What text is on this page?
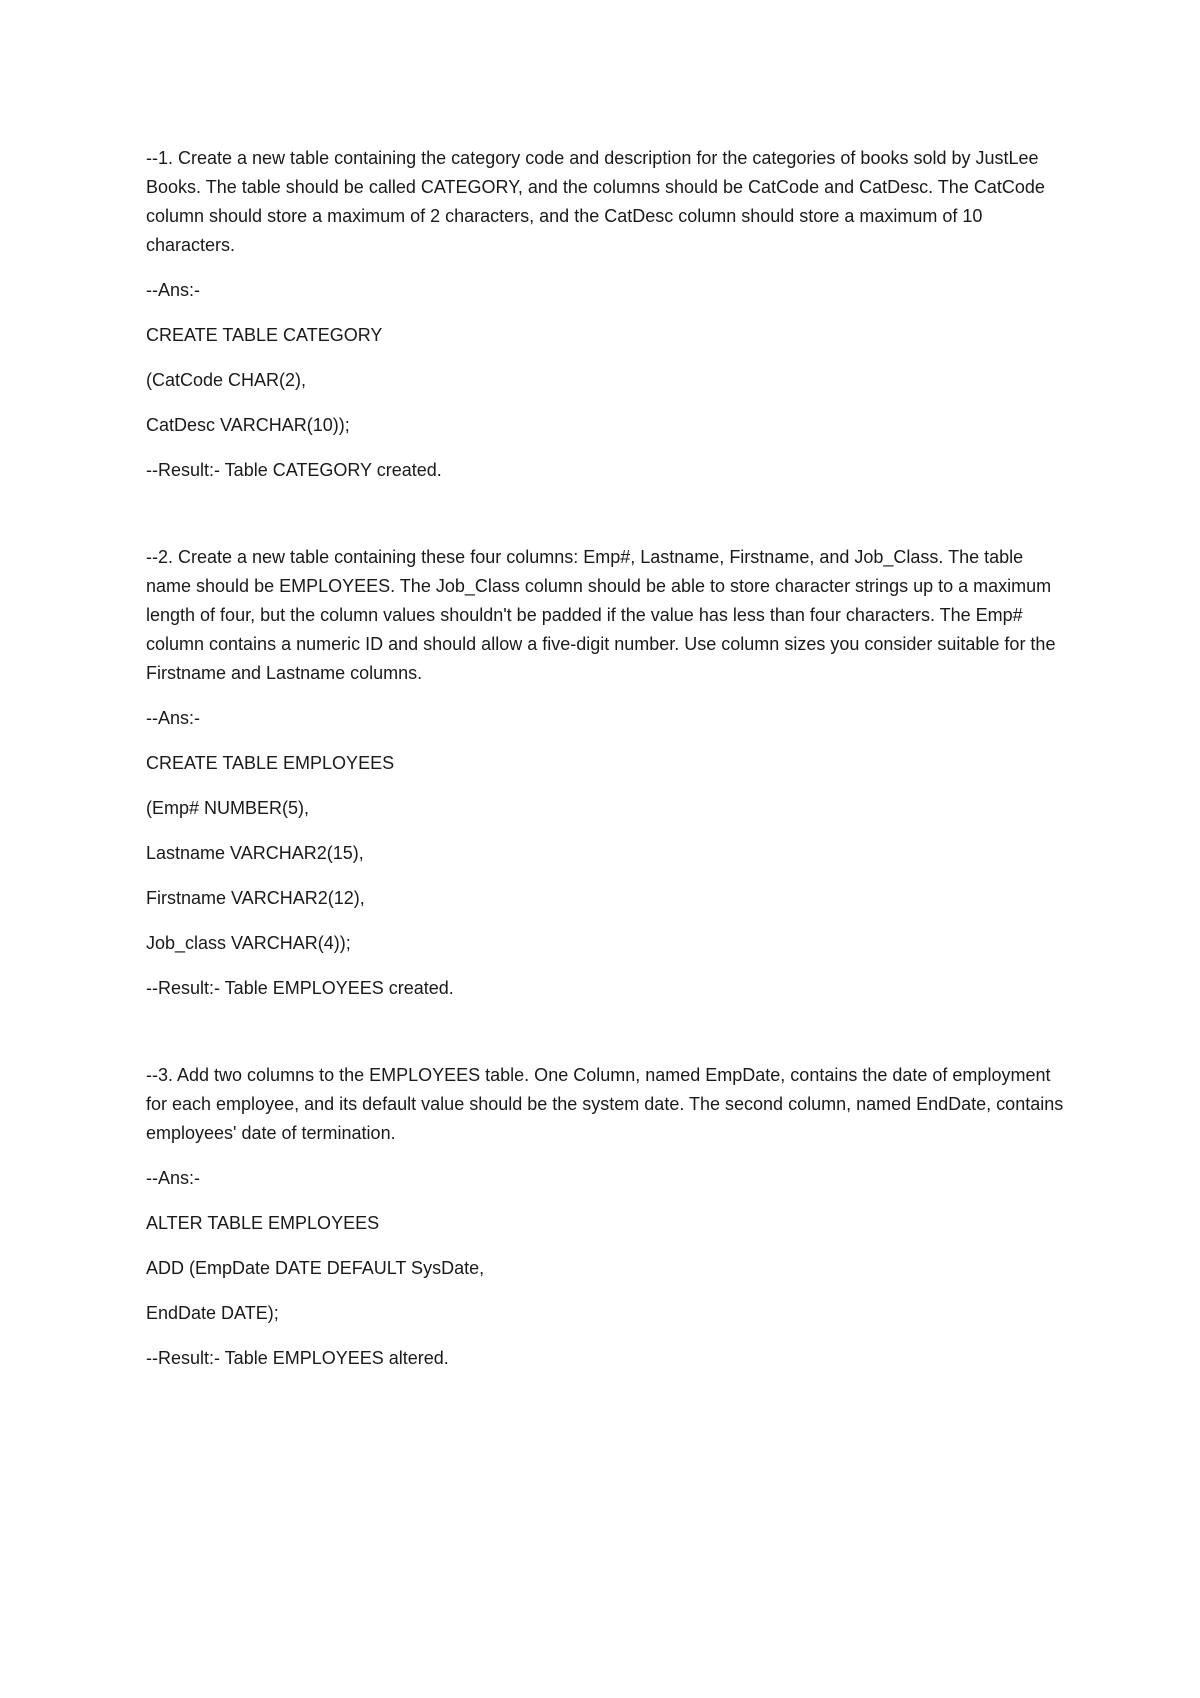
--1. Create a new table containing the category code and description for the categories of books sold by JustLee Books. The table should be called CATEGORY, and the columns should be CatCode and CatDesc. The CatCode column should store a maximum of 2 characters, and the CatDesc column should store a maximum of 10 characters.

--Ans:-

CREATE TABLE CATEGORY

(CatCode CHAR(2),

CatDesc VARCHAR(10));

--Result:- Table CATEGORY created.

--2. Create a new table containing these four columns: Emp#, Lastname, Firstname, and Job_Class. The table name should be EMPLOYEES. The Job_Class column should be able to store character strings up to a maximum length of four, but the column values shouldn't be padded if the value has less than four characters. The Emp# column contains a numeric ID and should allow a five-digit number. Use column sizes you consider suitable for the Firstname and Lastname columns.

--Ans:-

CREATE TABLE EMPLOYEES

(Emp# NUMBER(5),

Lastname VARCHAR2(15),

Firstname VARCHAR2(12),

Job_class VARCHAR(4));

--Result:- Table EMPLOYEES created.

--3. Add two columns to the EMPLOYEES table. One Column, named EmpDate, contains the date of employment for each employee, and its default value should be the system date. The second column, named EndDate, contains employees' date of termination.

--Ans:-

ALTER TABLE EMPLOYEES

ADD (EmpDate DATE DEFAULT SysDate,

EndDate DATE);

--Result:- Table EMPLOYEES altered.
